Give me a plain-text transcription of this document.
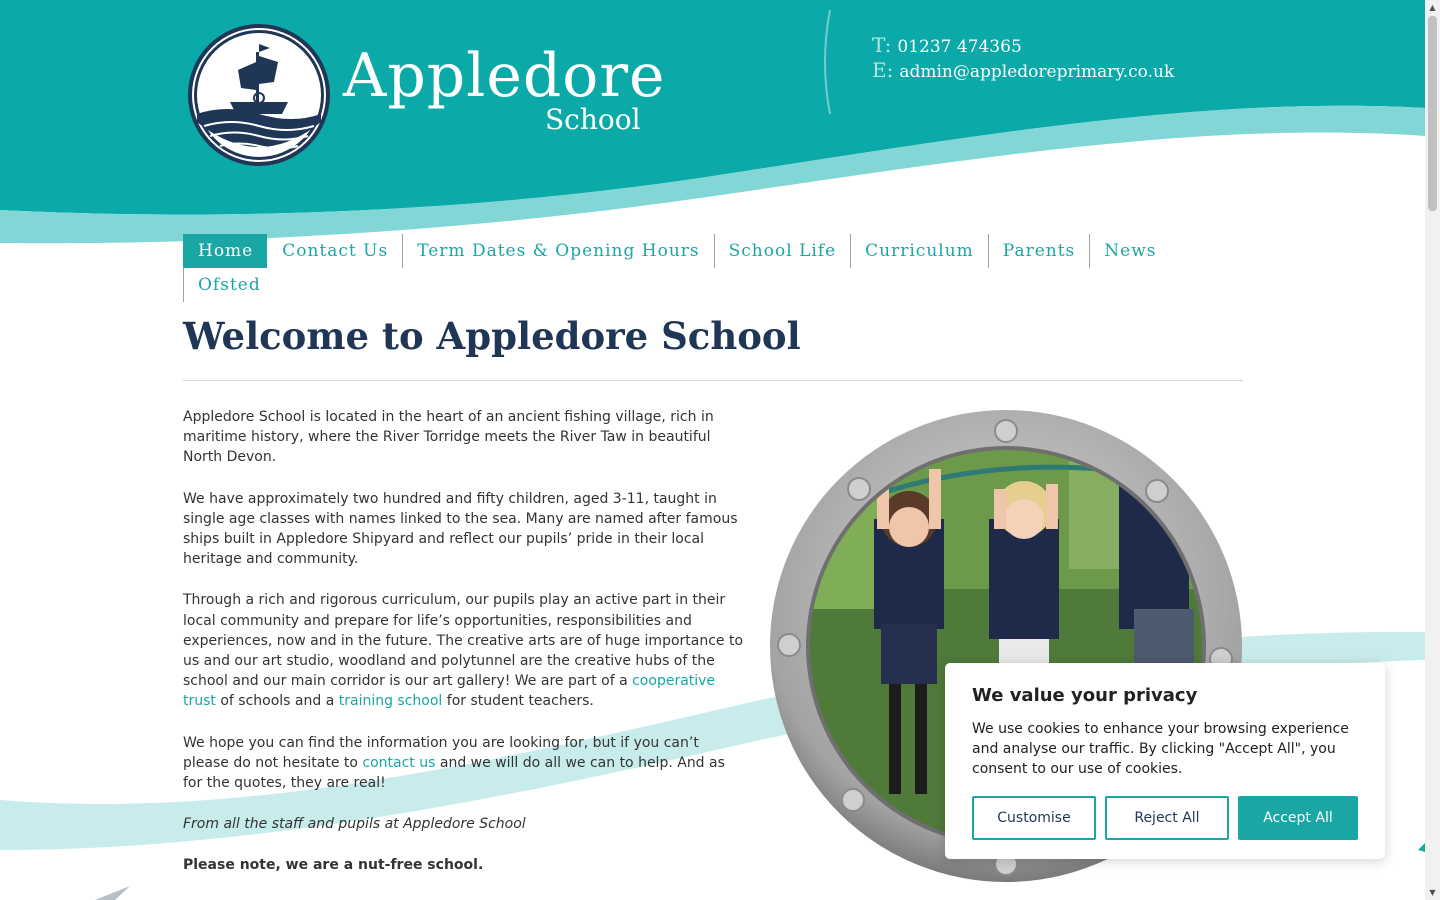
Appledore
School
T: 01237 474365
E: admin@appledoreprimary.co.uk
Home	Contact Us	Term Dates & Opening Hours	School Life	Curriculum	Parents	News
Ofsted
Welcome to Appledore School

Appledore School is located in the heart of an ancient fishing village, rich in maritime history, where the River Torridge meets the River Taw in beautiful North Devon.

We have approximately two hundred and fifty children, aged 3-11, taught in single age classes with names linked to the sea. Many are named after famous ships built in Appledore Shipyard and reflect our pupils’ pride in their local heritage and community.

Through a rich and rigorous curriculum, our pupils play an active part in their local community and prepare for life’s opportunities, responsibilities and experiences, now and in the future. The creative arts are of huge importance to us and our art studio, woodland and polytunnel are the creative hubs of the school and our main corridor is our art gallery! We are part of a cooperative trust of schools and a training school for student teachers.

We hope you can find the information you are looking for, but if you can’t please do not hesitate to contact us and we will do all we can to help. And as for the quotes, they are real!

From all the staff and pupils at Appledore School

Please note, we are a nut-free school.

We value your privacy
We use cookies to enhance your browsing experience and analyse our traffic. By clicking "Accept All", you consent to our use of cookies.
Customise	Reject All	Accept All
▲
▼
